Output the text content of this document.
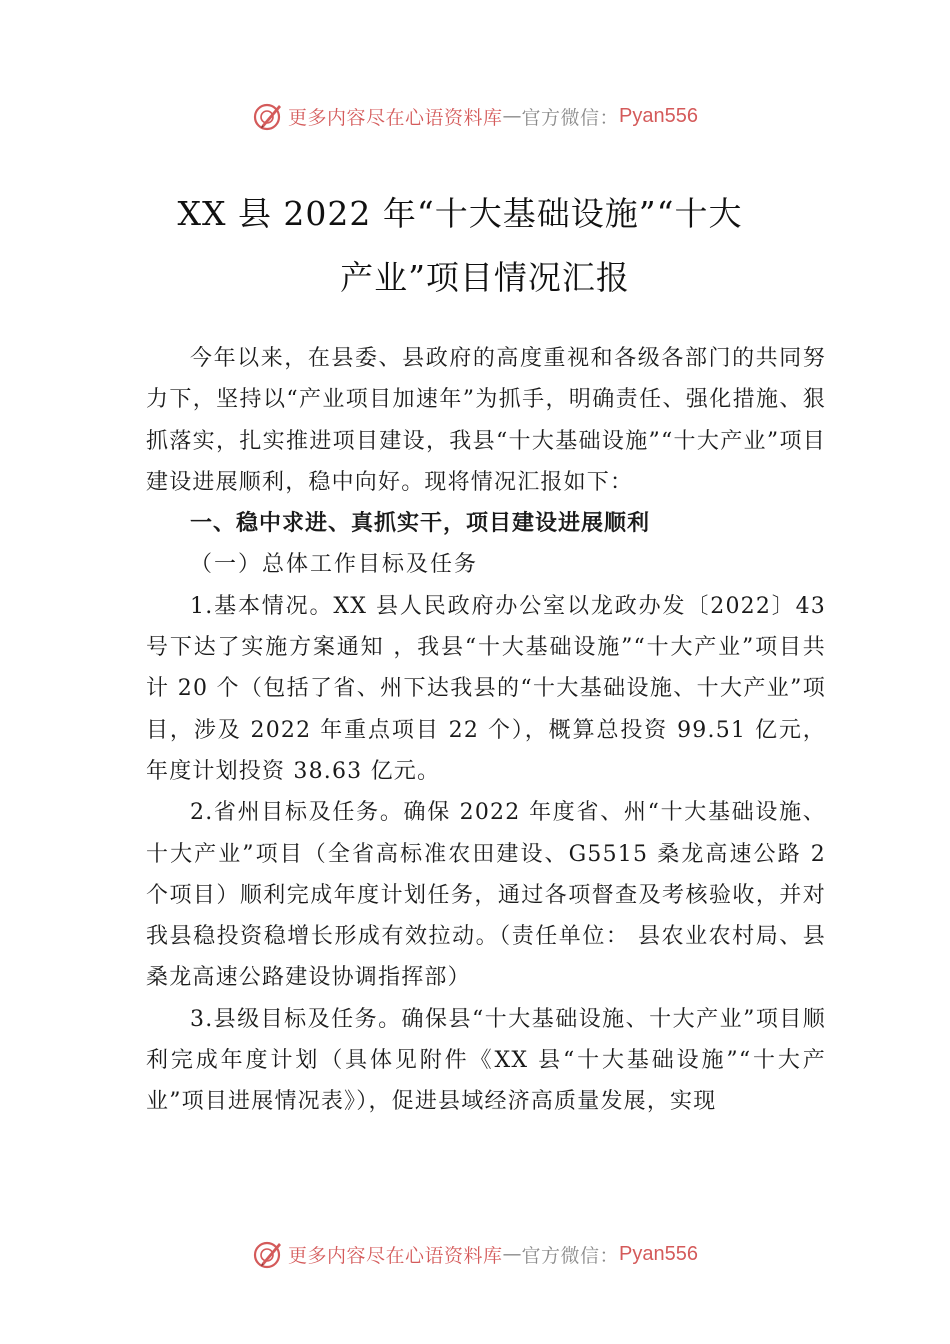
更多内容尽在心语资料库 — 官方微信： Pyan556
XX 县 2022 年“十大基础设施”“十大
产业”项目情况汇报

今年以来，在县委、县政府的高度重视和各级各部门的共同努力下，坚持以“产业项目加速年”为抓手，明确责任、强化措施、狠抓落实，扎实推进项目建设，我县“十大基础设施”“十大产业”项目建设进展顺利，稳中向好。现将情况汇报如下：

一、稳中求进、真抓实干，项目建设进展顺利

（一）总体工作目标及任务

1.基本情况。XX 县人民政府办公室以龙政办发〔2022〕43 号下达了实施方案通知 ，我县“十大基础设施”“十大产业”项目共计 20 个（包括了省、州下达我县的“十大基础设施、十大产业”项目，涉及 2022 年重点项目 22 个），概算总投资 99.51 亿元，年度计划投资 38.63 亿元。

2.省州目标及任务。确保 2022 年度省、州“十大基础设施、十大产业”项目（全省高标准农田建设、G5515 桑龙高速公路 2 个项目）顺利完成年度计划任务，通过各项督查及考核验收，并对我县稳投资稳增长形成有效拉动。（责任单位： 县农业农村局、县桑龙高速公路建设协调指挥部）

3.县级目标及任务。确保县“十大基础设施、十大产业”项目顺利完成年度计划（具体见附件《XX 县“十大基础设施”“十大产业”项目进展情况表》），促进县域经济高质量发展，实现

更多内容尽在心语资料库 — 官方微信： Pyan556
